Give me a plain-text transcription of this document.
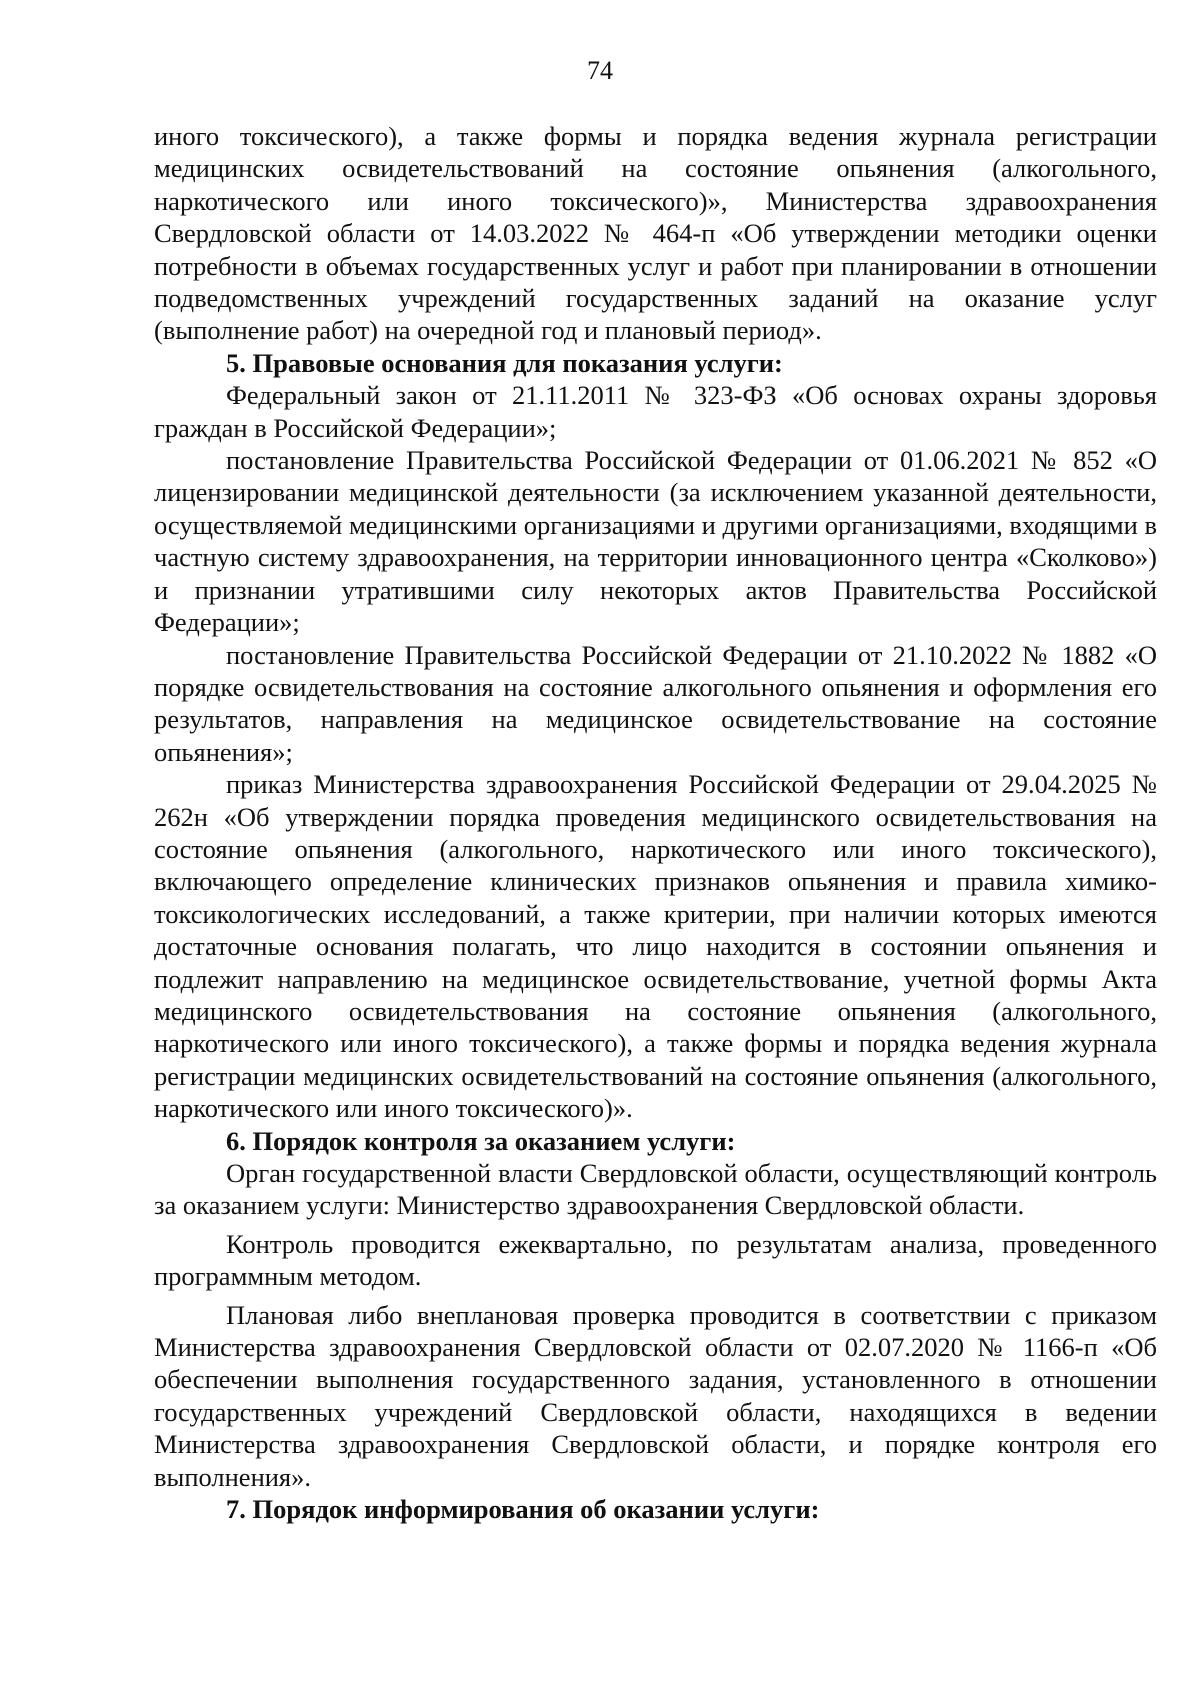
74

иного токсического), а также формы и порядка ведения журнала регистрации медицинских освидетельствований на состояние опьянения (алкогольного, наркотического или иного токсического)», Министерства здравоохранения Свердловской области от 14.03.2022 № 464-п «Об утверждении методики оценки потребности в объемах государственных услуг и работ при планировании в отношении подведомственных учреждений государственных заданий на оказание услуг (выполнение работ) на очередной год и плановый период».

5. Правовые основания для показания услуги:

Федеральный закон от 21.11.2011 № 323-ФЗ «Об основах охраны здоровья граждан в Российской Федерации»;

постановление Правительства Российской Федерации от 01.06.2021 № 852 «О лицензировании медицинской деятельности (за исключением указанной деятельности, осуществляемой медицинскими организациями и другими организациями, входящими в частную систему здравоохранения, на территории инновационного центра «Сколково») и признании утратившими силу некоторых актов Правительства Российской Федерации»;

постановление Правительства Российской Федерации от 21.10.2022 № 1882 «О порядке освидетельствования на состояние алкогольного опьянения и оформления его результатов, направления на медицинское освидетельствование на состояние опьянения»;

приказ Министерства здравоохранения Российской Федерации от 29.04.2025 № 262н «Об утверждении порядка проведения медицинского освидетельствования на состояние опьянения (алкогольного, наркотического или иного токсического), включающего определение клинических признаков опьянения и правила химико-токсикологических исследований, а также критерии, при наличии которых имеются достаточные основания полагать, что лицо находится в состоянии опьянения и подлежит направлению на медицинское освидетельствование, учетной формы Акта медицинского освидетельствования на состояние опьянения (алкогольного, наркотического или иного токсического), а также формы и порядка ведения журнала регистрации медицинских освидетельствований на состояние опьянения (алкогольного, наркотического или иного токсического)».

6. Порядок контроля за оказанием услуги:

Орган государственной власти Свердловской области, осуществляющий контроль за оказанием услуги: Министерство здравоохранения Свердловской области.

Контроль проводится ежеквартально, по результатам анализа, проведенного программным методом.

Плановая либо внеплановая проверка проводится в соответствии с приказом Министерства здравоохранения Свердловской области от 02.07.2020 № 1166-п «Об обеспечении выполнения государственного задания, установленного в отношении государственных учреждений Свердловской области, находящихся в ведении Министерства здравоохранения Свердловской области, и порядке контроля его выполнения».

7. Порядок информирования об оказании услуги:
